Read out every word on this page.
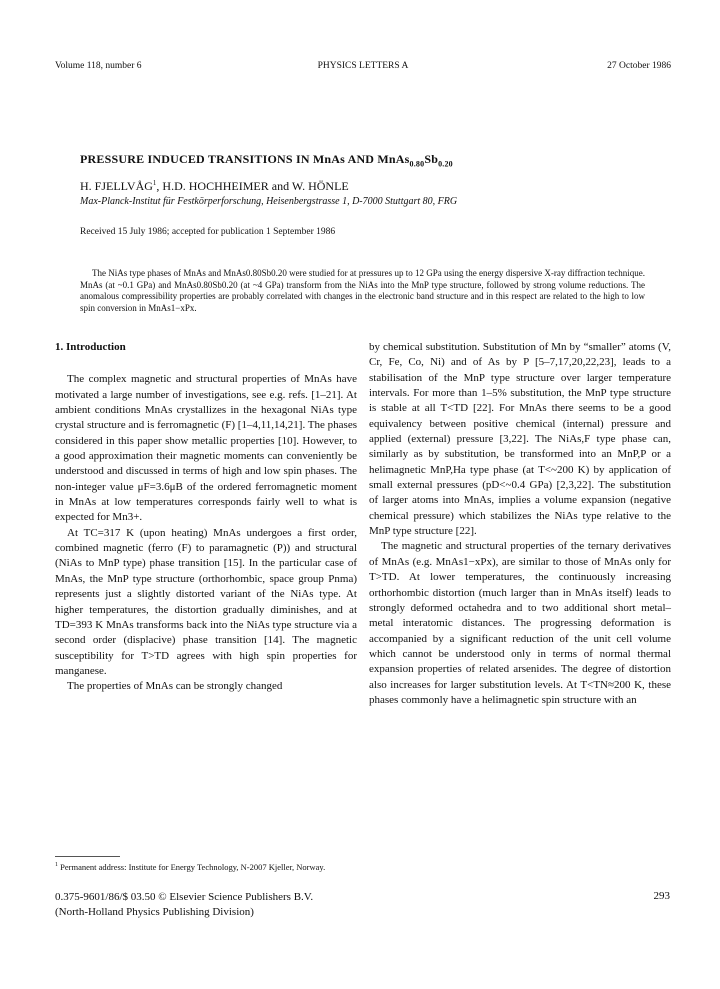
Volume 118, number 6	PHYSICS LETTERS A	27 October 1986
PRESSURE INDUCED TRANSITIONS IN MnAs AND $MnAs_{0.80}Sb_{0.20}$
H. FJELLVÅG$^1$, H.D. HOCHHEIMER and W. HÖNLE
Max-Planck-Institut für Festkörperforschung, Heisenbergstrasse 1, D-7000 Stuttgart 80, FRG
Received 15 July 1986; accepted for publication 1 September 1986

The NiAs type phases of MnAs and MnAs0.80Sb0.20 were studied for at pressures up to 12 GPa using the energy dispersive X-ray diffraction technique. MnAs (at ~0.1 GPa) and MnAs0.80Sb0.20 (at ~4 GPa) transform from the NiAs into the MnP type structure, followed by strong volume reductions. The anomalous compressibility properties are probably correlated with changes in the electronic band structure and in this respect are related to the high to low spin conversion in MnAs1−xPx.

1. Introduction

The complex magnetic and structural properties of MnAs have motivated a large number of investigations, see e.g. refs. [1–21]. At ambient conditions MnAs crystallizes in the hexagonal NiAs type crystal structure and is ferromagnetic (F) [1–4,11,14,21]. The phases considered in this paper show metallic properties [10]. However, to a good approximation their magnetic moments can conveniently be understood and discussed in terms of high and low spin phases. The non-integer value μF=3.6μB of the ordered ferromagnetic moment in MnAs at low temperatures corresponds fairly well to what is expected for Mn3+.

At TC=317 K (upon heating) MnAs undergoes a first order, combined magnetic (ferro (F) to paramagnetic (P)) and structural (NiAs to MnP type) phase transition [15]. In the particular case of MnAs, the MnP type structure (orthorhombic, space group Pnma) represents just a slightly distorted variant of the NiAs type. At higher temperatures, the distortion gradually diminishes, and at TD=393 K MnAs transforms back into the NiAs type structure via a second order (displacive) phase transition [14]. The magnetic susceptibility for T>TD agrees with high spin properties for manganese.

The properties of MnAs can be strongly changed

by chemical substitution. Substitution of Mn by “smaller” atoms (V, Cr, Fe, Co, Ni) and of As by P [5–7,17,20,22,23], leads to a stabilisation of the MnP type structure over larger temperature intervals. For more than 1–5% substitution, the MnP type structure is stable at all T<TD [22]. For MnAs there seems to be a good equivalency between positive chemical (internal) pressure and applied (external) pressure [3,22]. The NiAs,F type phase can, similarly as by substitution, be transformed into an MnP,P or a helimagnetic MnP,Ha type phase (at T<~200 K) by application of small external pressures (pD<~0.4 GPa) [2,3,22]. The substitution of larger atoms into MnAs, implies a volume expansion (negative chemical pressure) which stabilizes the NiAs type relative to the MnP type structure [22].

The magnetic and structural properties of the ternary derivatives of MnAs (e.g. MnAs1−xPx), are similar to those of MnAs only for T>TD. At lower temperatures, the continuously increasing orthorhombic distortion (much larger than in MnAs itself) leads to strongly deformed octahedra and to two additional short metal–metal interatomic distances. The progressing deformation is accompanied by a significant reduction of the unit cell volume which cannot be understood only in terms of normal thermal expansion properties of related arsenides. The degree of distortion also increases for larger substitution levels. At T<TN≈200 K, these phases commonly have a helimagnetic spin structure with an

$^1$ Permanent address: Institute for Energy Technology, N-2007 Kjeller, Norway.
0.375-9601/86/$ 03.50 © Elsevier Science Publishers B.V.
(North-Holland Physics Publishing Division)
293
